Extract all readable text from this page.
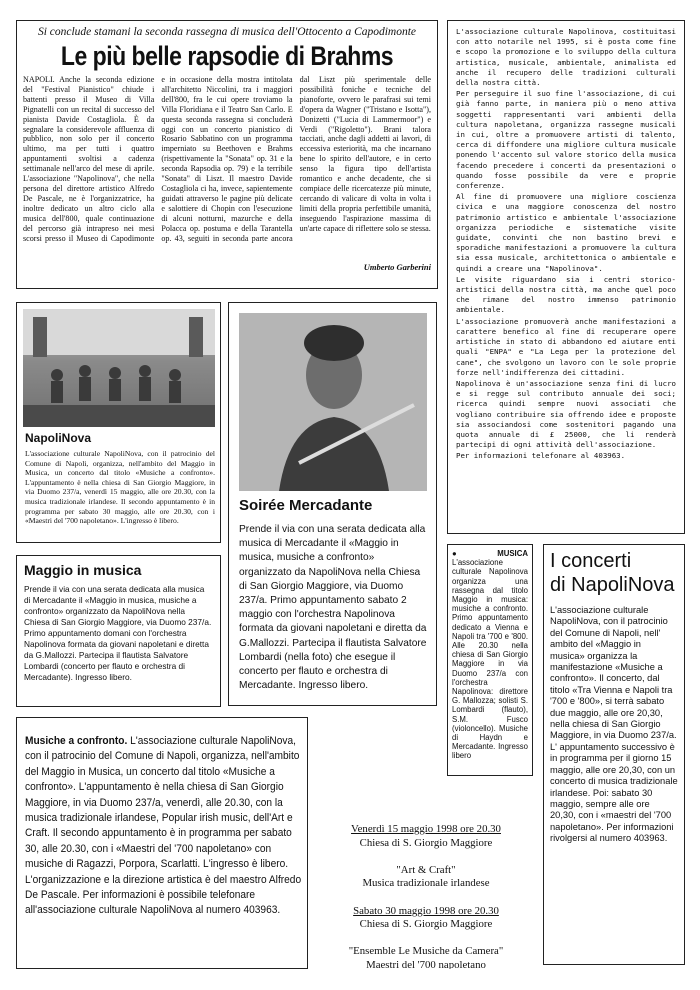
Si conclude stamani la seconda rassegna di musica dell'Ottocento a Capodimonte
Le più belle rapsodie di Brahms
NAPOLI. Anche la seconda edizione del "Festival Pianistico" chiude i battenti presso il Museo di Villa Pignatelli con un recital di successo del pianista Davide Costagliola. È da segnalare la considerevole affluenza di pubblico, non solo per il concerto ultimo, ma per tutti i quattro appuntamenti svoltisi a cadenza settimanale nell'arco del mese di aprile. L'associazione "Napolinova", che nella persona del direttore artistico Alfredo De Pascale, ne è l'organizzatrice, ha inoltre dedicato un altro ciclo alla musica dell'800, quale continuazione del percorso già intrapreso nei mesi scorsi presso il Museo di Capodimonte e in occasione della mostra intitolata all'architetto Niccolini, tra i maggiori dell'800, fra le cui opere troviamo la Villa Floridiana e il Teatro San Carlo. E questa seconda rassegna si concluderà oggi con un concerto pianistico di Rosario Sabbatino con un programma imperniato su Beethoven e Brahms (rispettivamente la "Sonata" op. 31 e la seconda Rapsodia op. 79) e la terribile "Sonata" di Liszt. Il maestro Davide Costagliola ci ha, invece, sapientemente guidati attraverso le pagine più delicate e salottiere di Chopin con l'esecuzione di alcuni notturni, mazurche e della Polacca op. postuma e della Tarantella op. 43, seguiti in seconda parte ancora dal Liszt più sperimentale delle possibilità foniche e tecniche del pianoforte, ovvero le parafrasi sui temi d'opera da Wagner ("Tristano e Isotta"), Donizetti ("Lucia di Lammermoor") e Verdi ("Rigoletto"). Brani talora tacciati, anche dagli addetti ai lavori, di eccessiva esteriorità, ma che incarnano bene lo spirito dell'autore, e in certo senso la figura tipo dell'artista romantico e anche decadente, che si compiace delle ricercatezze più minute, cercando di valicare di volta in volta i limiti della propria perfettibile umanità, inseguendo l'aspirazione massima di un'arte capace di riflettere solo se stessa.
Umberto Garberini
L'associazione culturale Napolinova, costituitasi con atto notarile nel 1995, si è posta come fine e scopo la promozione e lo sviluppo della cultura artistica, musicale, ambientale, animalista ed anche il recupero delle tradizioni culturali della nostra città.
Per perseguire il suo fine l'associazione, di cui già fanno parte, in maniera più o meno attiva soggetti rappresentanti vari ambienti della cultura napoletana, organizza rassegne musicali in cui, oltre a promuovere artisti di talento, cerca di diffondere una migliore cultura musicale ponendo l'accento sul valore storico della musica facendo precedere i concerti da presentazioni o quando fosse possibile da vere e proprie conferenze.
Al fine di promuovere una migliore coscienza civica e una maggiore conoscenza del nostro patrimonio artistico e ambientale l'associazione organizza periodiche e sistematiche visite guidate, convinti che non bastino brevi e sporadiche manifestazioni a promuovere la cultura sia essa musicale, architettonica o ambientale e quindi a creare una "Napolinova".
Le visite riguardano sia i centri storico-artistici della nostra città, ma anche quel poco che rimane del nostro immenso patrimonio ambientale.
L'associazione promuoverà anche manifestazioni a carattere benefico al fine di recuperare opere artistiche in stato di abbandono ed aiutare enti quali "ENPA" e "La Lega per la protezione del cane", che svolgono un lavoro con le sole proprie forze nell'indifferenza dei cittadini.
Napolinova è un'associazione senza fini di lucro e si regge sul contributo annuale dei soci; ricerca quindi sempre nuovi associati che vogliano contribuire sia offrendo idee e proposte sia associandosi come sostenitori pagando una quota annuale di £ 25000, che li renderà partecipi di ogni attività dell'associazione.
Per informazioni telefonare al 403963.
NapoliNova
L'associazione culturale NapoliNova, con il patrocinio del Comune di Napoli, organizza, nell'ambito del Maggio in Musica, un concerto dal titolo «Musiche a confronto». L'appuntamento è nella chiesa di San Giorgio Maggiore, in via Duomo 237/a, venerdì 15 maggio, alle ore 20.30, con la musica tradizionale irlandese. Il secondo appuntamento è in programma per sabato 30 maggio, alle ore 20.30, con i «Maestri del '700 napoletano». L'ingresso è libero.
Soirée Mercadante
Prende il via con una serata dedicata alla musica di Mercadante il «Maggio in musica, musiche a confronto» organizzato da NapoliNova nella Chiesa di San Giorgio Maggiore, via Duomo 237/a. Primo appuntamento sabato 2 maggio con l'orchestra Napolinova formata da giovani napoletani e diretta da G.Mallozzi. Partecipa il flautista Salvatore Lombardi (nella foto) che esegue il concerto per flauto e orchestra di Mercadante. Ingresso libero.
Maggio in musica
Prende il via con una serata dedicata alla musica di Mercadante il «Maggio in musica, musiche a confronto» organizzato da NapoliNova nella Chiesa di San Giorgio Maggiore, via Duomo 237/a. Primo appuntamento domani con l'orchestra Napolinova formata da giovani napoletani e diretta da G.Mallozzi. Partecipa il flautista Salvatore Lombardi (concerto per flauto e orchestra di Mercadante). Ingresso libero.
Musiche a confronto. L'associazione culturale NapoliNova, con il patrocinio del Comune di Napoli, organizza, nell'ambito del Maggio in Musica, un concerto dal titolo «Musiche a confronto». L'appuntamento è nella chiesa di San Giorgio Maggiore, in via Duomo 237/a, venerdì, alle 20.30, con la musica tradizionale irlandese, Popular irish music, dell'Art e Craft. Il secondo appuntamento è in programma per sabato 30, alle 20.30, con i «Maestri del '700 napoletano» con musiche di Ragazzi, Porpora, Scarlatti. L'ingresso è libero. L'organizzazione e la direzione artistica è del maestro Alfredo De Pascale. Per informazioni è possibile telefonare all'associazione culturale NapoliNova al numero 403963.
●	MUSICA L'associazione culturale Napolinova organizza una rassegna dal titolo Maggio in musica: musiche a confronto. Primo appuntamento dedicato a Vienna e Napoli tra '700 e '800. Alle 20.30 nella chiesa di San Giorgio Maggiore in via Duomo 237/a con l'orchestra Napolinova: direttore G. Mallozza; solisti S. Lombardi (flauto), S.M. Fusco (violoncello). Musiche di Haydn e Mercadante. Ingresso libero
Venerdì 15 maggio 1998 ore 20.30
Chiesa di S. Giorgio Maggiore

"Art & Craft"
Musica tradizionale irlandese

Sabato 30 maggio 1998 ore 20.30
Chiesa di S. Giorgio Maggiore

"Ensemble Le Musiche da Camera"
Maestri del '700 napoletano
I concerti
di NapoliNova
L'associazione culturale NapoliNova, con il patrocinio del Comune di Napoli, nell' ambito del «Maggio in musica» organizza la manifestazione «Musiche a confronto». Il concerto, dal titolo «Tra Vienna e Napoli tra '700 e '800», si terrà sabato due maggio, alle ore 20,30, nella chiesa di San Giorgio Maggiore, in via Duomo 237/a. L' appuntamento successivo è in programma per il giorno 15 maggio, alle ore 20,30, con un concerto di musica tradizionale irlandese. Poi: sabato 30 maggio, sempre alle ore 20,30, con i «maestri del '700 napoletano». Per informazioni rivolgersi al numero 403963.
